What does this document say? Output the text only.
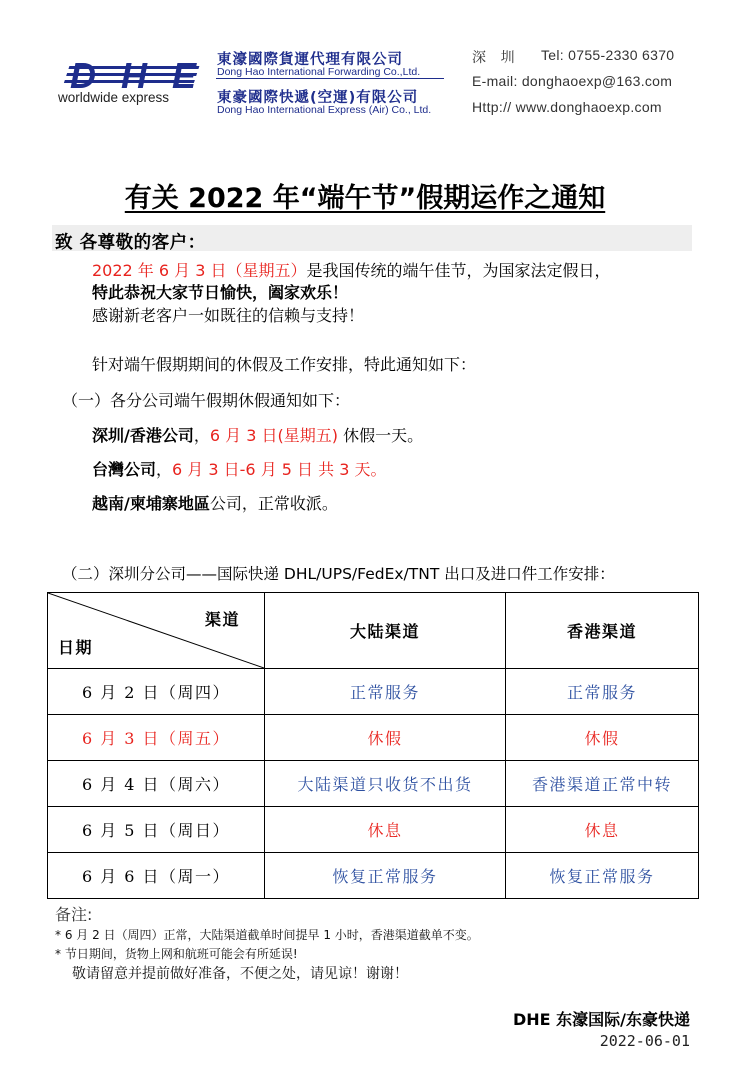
DHE
worldwide express
東濠國際貨運代理有限公司
Dong Hao International Forwarding Co.,Ltd.
東豪國際快遞(空運)有限公司
Dong Hao International Express (Air) Co., Ltd.
深　圳 Tel: 0755-2330 6370
E-mail: donghaoexp@163.com
Http:// www.donghaoexp.com
有关 2022 年“端午节”假期运作之通知
致 各尊敬的客户：
2022 年 6 月 3 日（星期五）是我国传统的端午佳节，为国家法定假日，
特此恭祝大家节日愉快，阖家欢乐！
感谢新老客户一如既往的信赖与支持！
针对端午假期期间的休假及工作安排，特此通知如下：
（一）各分公司端午假期休假通知如下：
深圳/香港公司，6 月 3 日(星期五) 休假一天。
台灣公司，6 月 3 日-6 月 5 日 共 3 天。
越南/柬埔寨地區公司，正常收派。
（二）深圳分公司——国际快递 DHL/UPS/FedEx/TNT 出口及进口件工作安排：
渠道
日期	大陆渠道	香港渠道
6 月 2 日（周四）	正常服务	正常服务
6 月 3 日（周五）	休假	休假
6 月 4 日（周六）	大陆渠道只收货不出货	香港渠道正常中转
6 月 5 日（周日）	休息	休息
6 月 6 日（周一）	恢复正常服务	恢复正常服务
备注:
* 6 月 2 日（周四）正常，大陆渠道截单时间提早 1 小时，香港渠道截单不变。
* 节日期间，货物上网和航班可能会有所延误!
敬请留意并提前做好准备，不便之处，请见谅！谢谢！
DHE 东濠国际/东豪快递
2022-06-01
